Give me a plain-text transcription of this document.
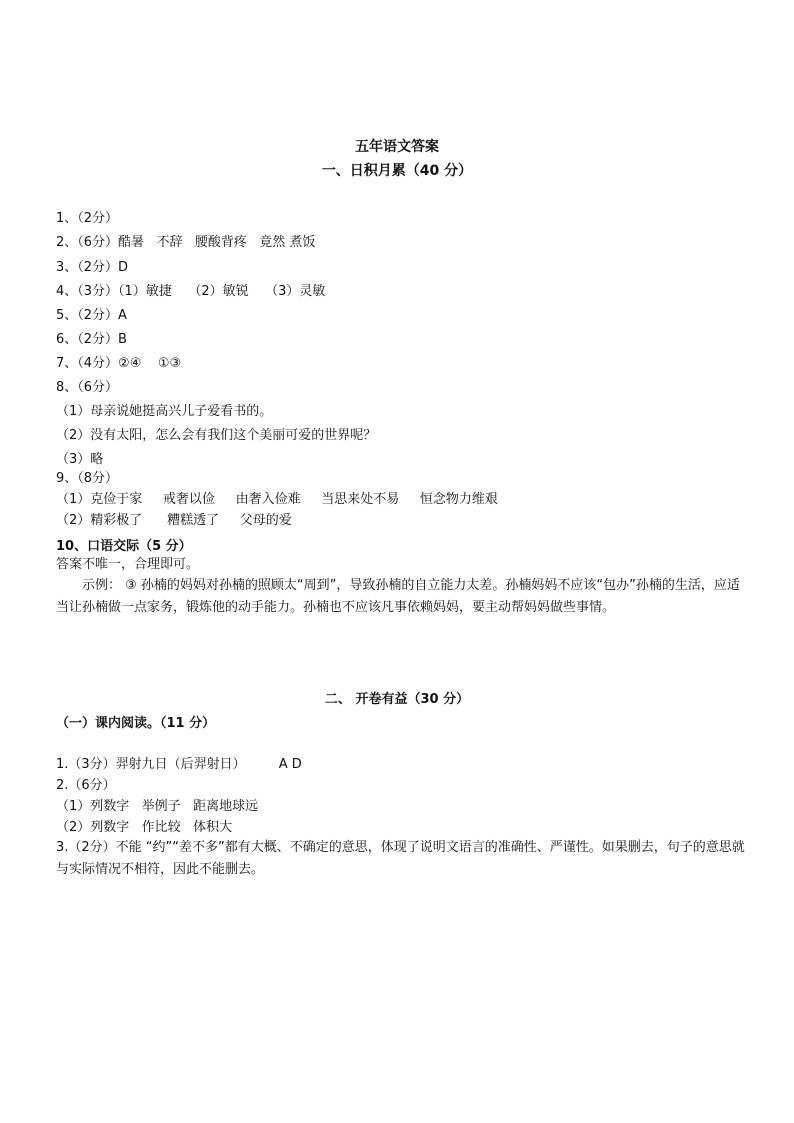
五年语文答案
一、日积月累（40 分）
1、（2分）
2、（6分）酷暑   不辞   腰酸背疼   竟然 煮饭
3、（2分）D
4、（3分）（1）敏捷    （2）敏锐    （3）灵敏
5、（2分）A
6、（2分）B
7、（4分）②④    ①③
8、（6分）
（1）母亲说她挺高兴儿子爱看书的。
（2）没有太阳，怎么会有我们这个美丽可爱的世界呢？
（3）略
9、（8分）
（1）克俭于家     戒奢以俭     由奢入俭难     当思来处不易     恒念物力维艰
（2）精彩极了      糟糕透了     父母的爱
10、口语交际（5 分）
答案不唯一，合理即可。
示例： ③ 孙楠的妈妈对孙楠的照顾太“周到”，导致孙楠的自立能力太差。孙楠妈妈不应该“包办”孙楠的生活，应适当让孙楠做一点家务，锻炼他的动手能力。孙楠也不应该凡事依赖妈妈，要主动帮妈妈做些事情。
二、 开卷有益（30 分）
（一）课内阅读。（11 分）
1.（3分）羿射九日（后羿射日）        A D
2.（6分）
（1）列数字   举例子   距离地球远
（2）列数字   作比较   体积大
3.（2分）不能 “约”“差不多”都有大概、不确定的意思，体现了说明文语言的准确性、严谨性。如果删去，句子的意思就与实际情况不相符，因此不能删去。
